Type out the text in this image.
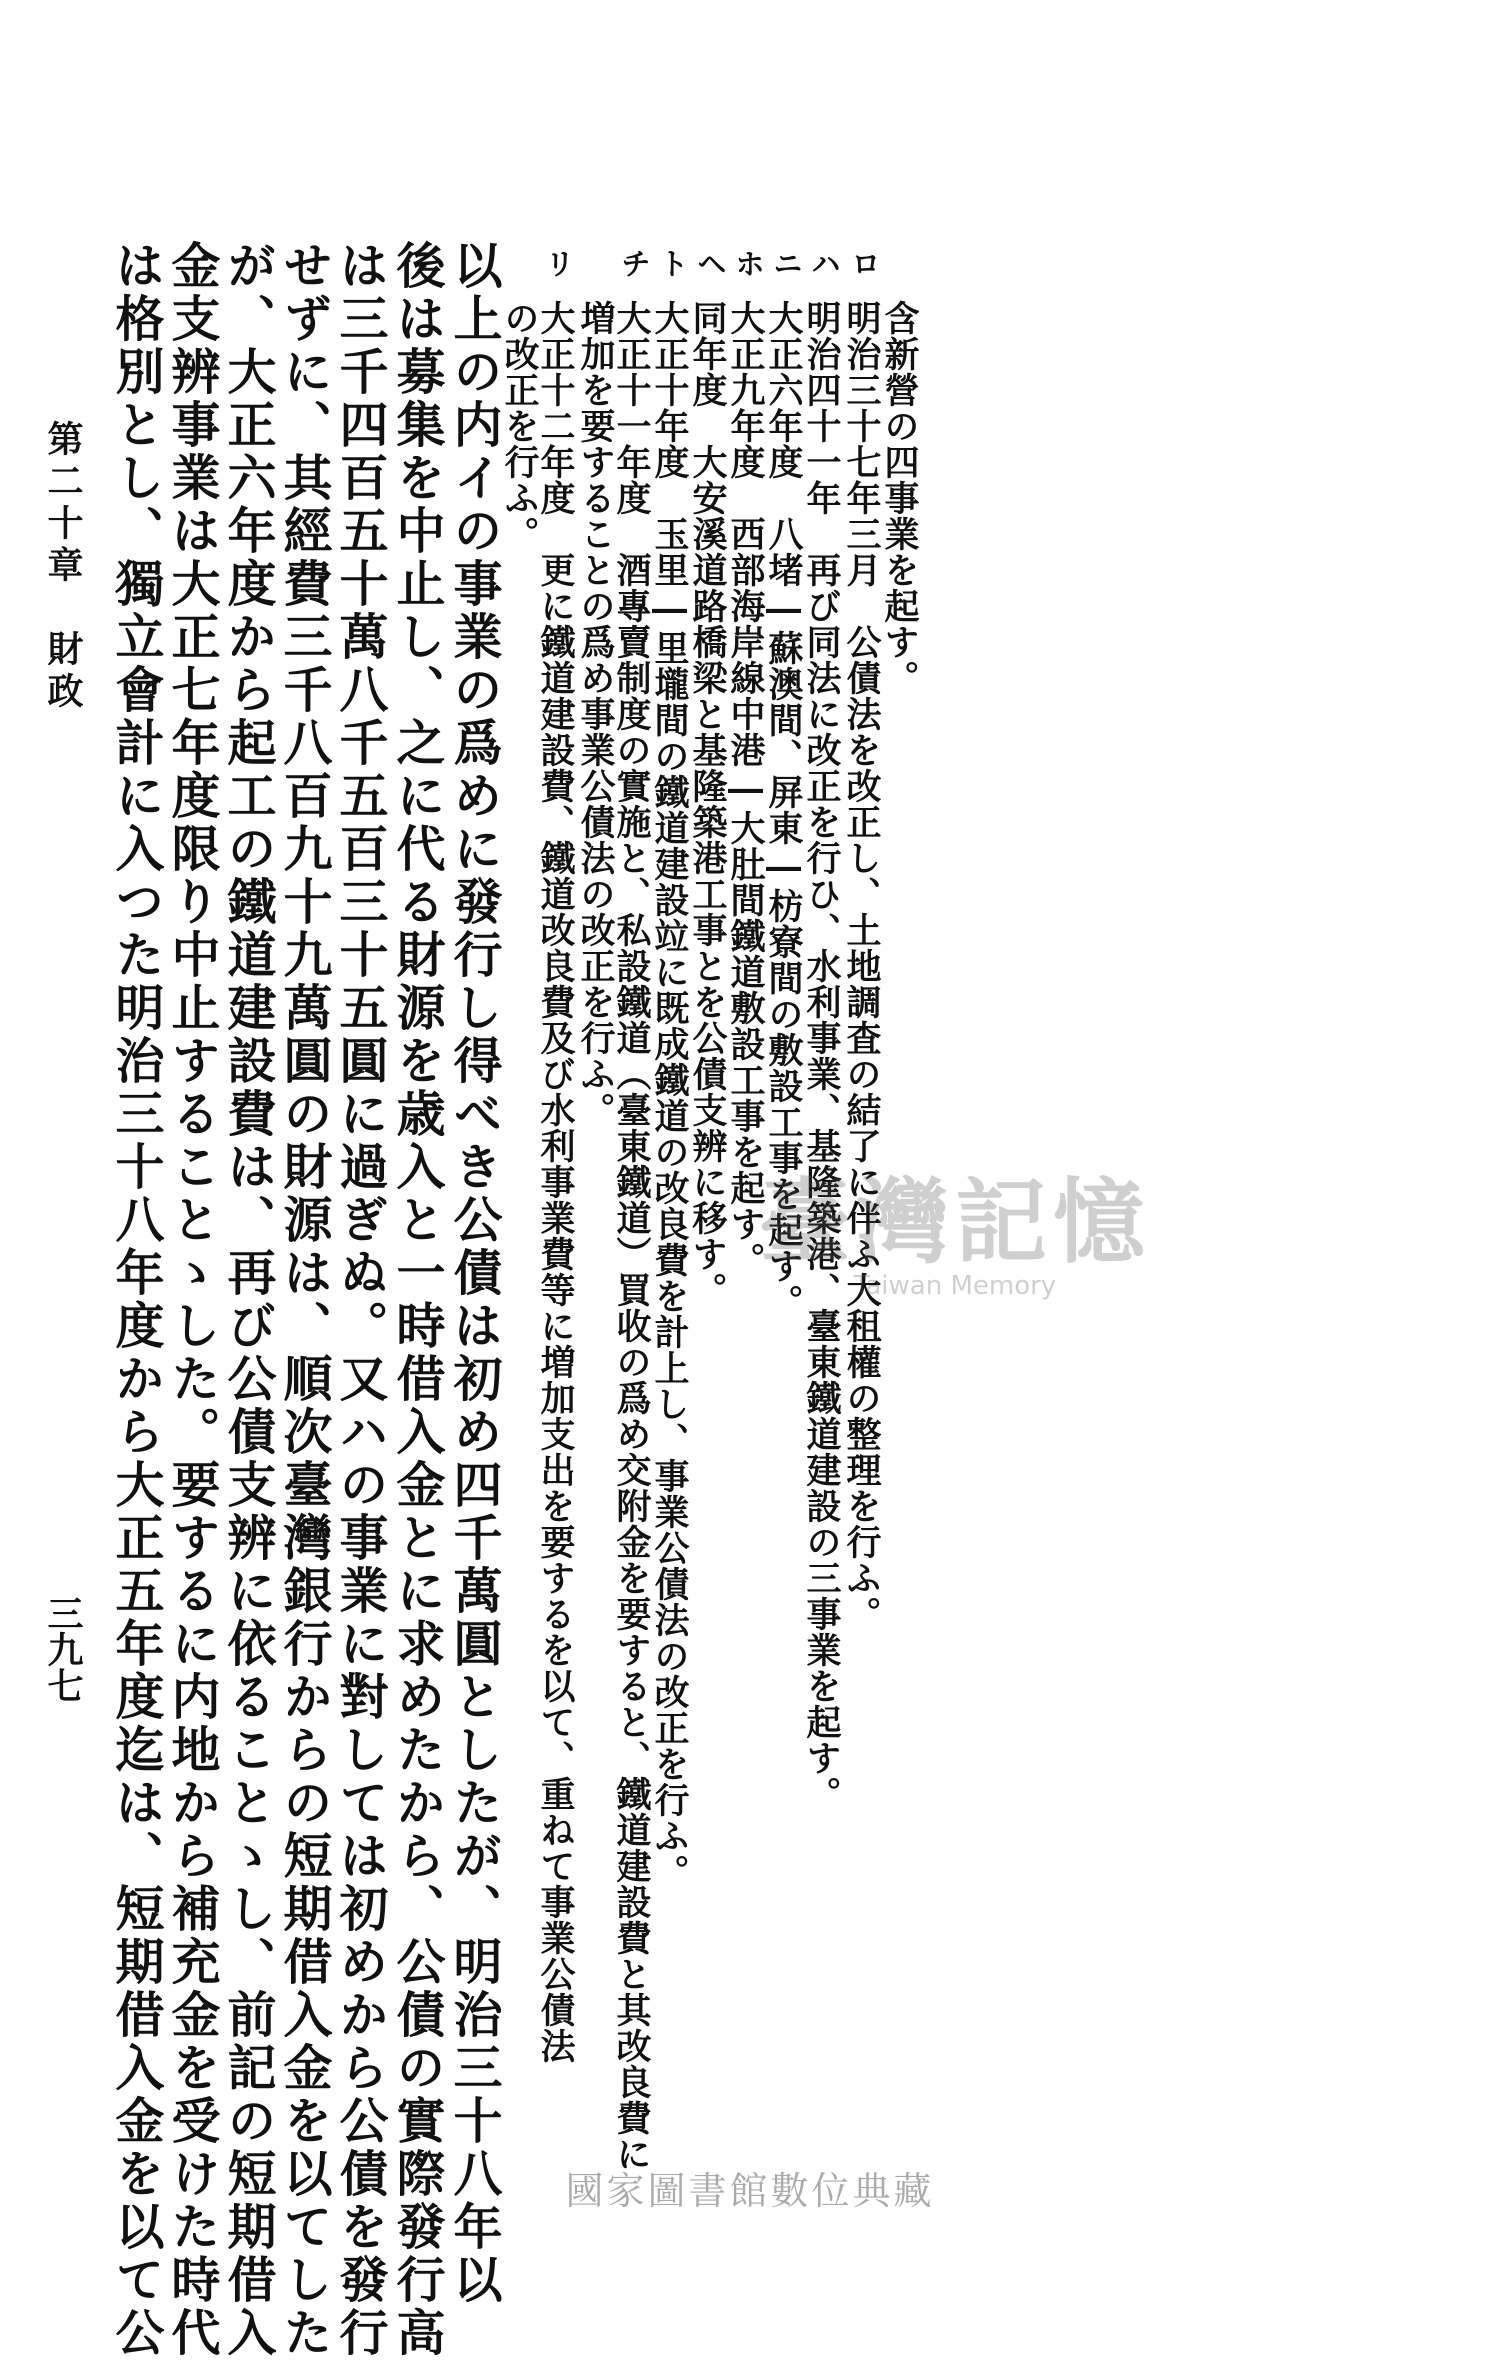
含新營の四事業を起す。
ロ
明治三十七年三月　公債法を改正し、土地調査の結了に伴ふ大租權の整理を行ふ。
ハ
明治四十一年　再び同法に改正を行ひ、水利事業、基隆築港、臺東鐵道建設の三事業を起す。
ニ
大正六年度　八堵―蘇澳間、屏東―枋寮間の敷設工事を起す。
ホ
大正九年度　西部海岸線中港―大肚間鐵道敷設工事を起す。
ヘ
同年度　大安溪道路橋梁と基隆築港工事とを公債支辨に移す。
ト
大正十年度　玉里―里壠間の鐵道建設竝に既成鐵道の改良費を計上し、事業公債法の改正を行ふ。
チ
大正十一年度　酒專賣制度の實施と、私設鐵道（臺東鐵道）買收の爲め交附金を要すると、鐵道建設費と其改良費に
増加を要することの爲め事業公債法の改正を行ふ。
リ
大正十二年度　更に鐵道建設費、鐵道改良費及び水利事業費等に増加支出を要するを以て、重ねて事業公債法
の改正を行ふ。
以上の内イの事業の爲めに發行し得べき公債は初め四千萬圓としたが、明治三十八年以
後は募集を中止し、之に代る財源を歳入と一時借入金とに求めたから、公債の實際發行高
は三千四百五十萬八千五百三十五圓に過ぎぬ。又ハの事業に對しては初めから公債を發行
せずに、其經費三千八百九十九萬圓の財源は、順次臺灣銀行からの短期借入金を以てした
が、大正六年度から起工の鐵道建設費は、再び公債支辨に依ることゝし、前記の短期借入
金支辨事業は大正七年度限り中止することゝした。要するに内地から補充金を受けた時代
は格別とし、獨立會計に入つた明治三十八年度から大正五年度迄は、短期借入金を以て公
第二十章　財政
三九七
臺灣記憶
Taiwan Memory
國家圖書館數位典藏
